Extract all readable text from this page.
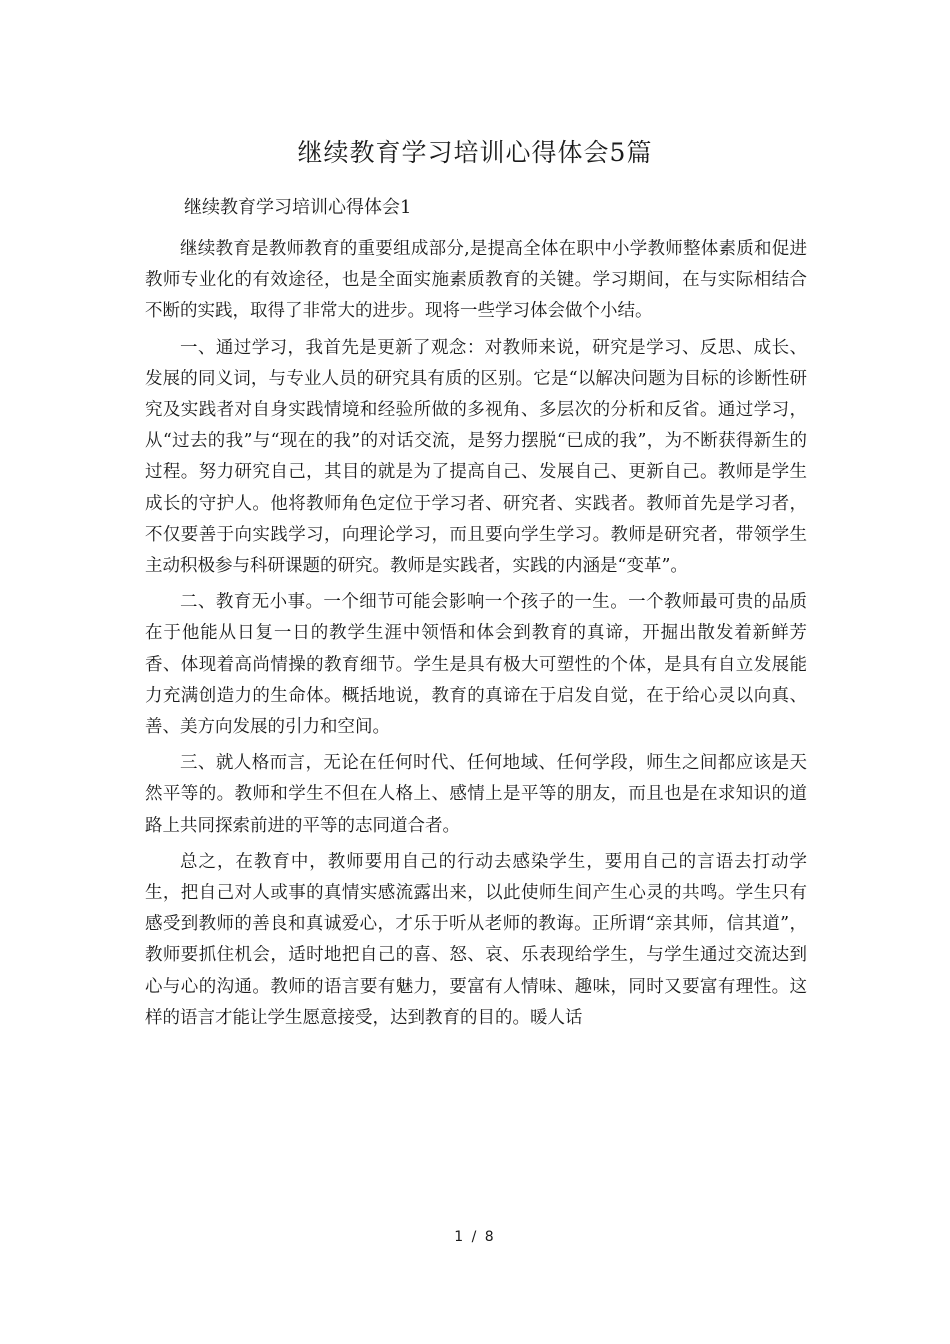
继续教育学习培训心得体会5篇
继续教育学习培训心得体会1

继续教育是教师教育的重要组成部分,是提高全体在职中小学教师整体素质和促进教师专业化的有效途径，也是全面实施素质教育的关键。学习期间，在与实际相结合不断的实践，取得了非常大的进步。现将一些学习体会做个小结。

一、通过学习，我首先是更新了观念：对教师来说，研究是学习、反思、成长、发展的同义词，与专业人员的研究具有质的区别。它是“以解决问题为目标的诊断性研究及实践者对自身实践情境和经验所做的多视角、多层次的分析和反省。通过学习，从“过去的我”与“现在的我”的对话交流，是努力摆脱“已成的我”，为不断获得新生的过程。努力研究自己，其目的就是为了提高自己、发展自己、更新自己。教师是学生成长的守护人。他将教师角色定位于学习者、研究者、实践者。教师首先是学习者，不仅要善于向实践学习，向理论学习，而且要向学生学习。教师是研究者，带领学生主动积极参与科研课题的研究。教师是实践者，实践的内涵是“变革”。

二、教育无小事。一个细节可能会影响一个孩子的一生。一个教师最可贵的品质在于他能从日复一日的教学生涯中领悟和体会到教育的真谛，开掘出散发着新鲜芳香、体现着高尚情操的教育细节。学生是具有极大可塑性的个体，是具有自立发展能力充满创造力的生命体。概括地说，教育的真谛在于启发自觉，在于给心灵以向真、善、美方向发展的引力和空间。

三、就人格而言，无论在任何时代、任何地域、任何学段，师生之间都应该是天然平等的。教师和学生不但在人格上、感情上是平等的朋友，而且也是在求知识的道路上共同探索前进的平等的志同道合者。

总之，在教育中，教师要用自己的行动去感染学生，要用自己的言语去打动学生，把自己对人或事的真情实感流露出来，以此使师生间产生心灵的共鸣。学生只有感受到教师的善良和真诚爱心，才乐于听从老师的教诲。正所谓“亲其师，信其道”，教师要抓住机会，适时地把自己的喜、怒、哀、乐表现给学生，与学生通过交流达到心与心的沟通。教师的语言要有魅力，要富有人情味、趣味，同时又要富有理性。这样的语言才能让学生愿意接受，达到教育的目的。暖人话

1 / 8
